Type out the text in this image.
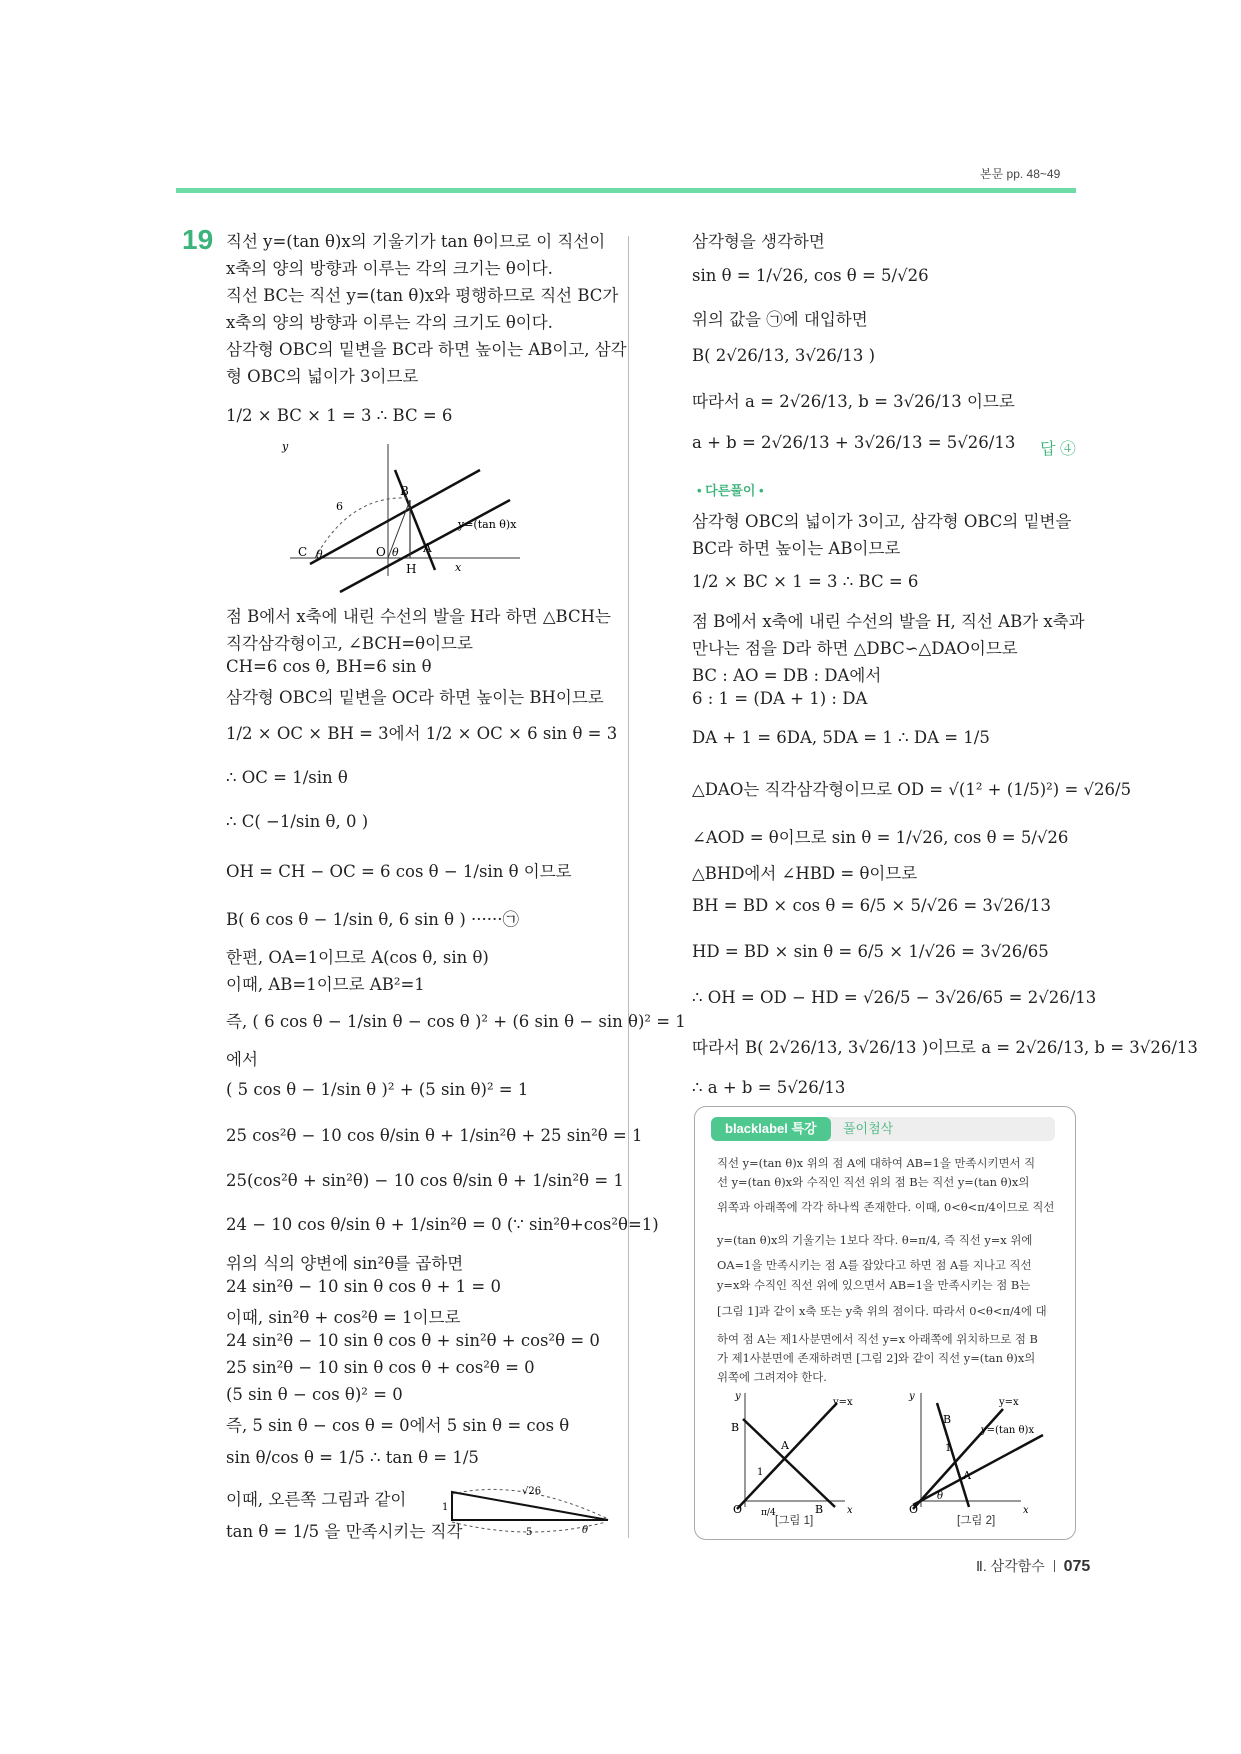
본문 pp. 48~49
19 직선 y=(tan θ)x의 기울기가 tan θ이므로 이 직선이
x축의 양의 방향과 이루는 각의 크기는 θ이다.
직선 BC는 직선 y=(tan θ)x와 평행하므로 직선 BC가
x축의 양의 방향과 이루는 각의 크기도 θ이다.
삼각형 OBC의 밑변을 BC라 하면 높이는 AB이고, 삼각
형 OBC의 넓이가 3이므로
1/2 × BC × 1 = 3 ∴ BC = 6
점 B에서 x축에 내린 수선의 발을 H라 하면 △BCH는
직각삼각형이고, ∠BCH=θ이므로
CH=6 cos θ, BH=6 sin θ
삼각형 OBC의 밑변을 OC라 하면 높이는 BH이므로
1/2 × OC × BH = 3에서 1/2 × OC × 6 sin θ = 3
∴ OC = 1/sin θ
∴ C( −1/sin θ, 0 )
OH = CH − OC = 6 cos θ − 1/sin θ 이므로
B( 6 cos θ − 1/sin θ, 6 sin θ ) ······㉠
한편, OA=1이므로 A(cos θ, sin θ)
이때, AB=1이므로 AB²=1
즉, ( 6 cos θ − 1/sin θ − cos θ )² + (6 sin θ − sin θ)² = 1
에서
( 5 cos θ − 1/sin θ )² + (5 sin θ)² = 1
25 cos²θ − 10 cos θ/sin θ + 1/sin²θ + 25 sin²θ = 1
25(cos²θ + sin²θ) − 10 cos θ/sin θ + 1/sin²θ = 1
24 − 10 cos θ/sin θ + 1/sin²θ = 0 (∵ sin²θ+cos²θ=1)
위의 식의 양변에 sin²θ를 곱하면
24 sin²θ − 10 sin θ cos θ + 1 = 0
이때, sin²θ + cos²θ = 1이므로
24 sin²θ − 10 sin θ cos θ + sin²θ + cos²θ = 0
25 sin²θ − 10 sin θ cos θ + cos²θ = 0
(5 sin θ − cos θ)² = 0
즉, 5 sin θ − cos θ = 0에서 5 sin θ = cos θ
sin θ/cos θ = 1/5 ∴ tan θ = 1/5
이때, 오른쪽 그림과 같이
tan θ = 1/5 을 만족시키는 직각
y
B
C θ	O θ A
H	x
6
y=(tan θ)x
√26
1
5	θ
삼각형을 생각하면
sin θ = 1/√26, cos θ = 5/√26
위의 값을 ㉠에 대입하면
B( 2√26/13, 3√26/13 )
따라서 a = 2√26/13, b = 3√26/13 이므로
a + b = 2√26/13 + 3√26/13 = 5√26/13
삼각형 OBC의 넓이가 3이고, 삼각형 OBC의 밑변을
BC라 하면 높이는 AB이므로
1/2 × BC × 1 = 3 ∴ BC = 6
점 B에서 x축에 내린 수선의 발을 H, 직선 AB가 x축과
만나는 점을 D라 하면 △DBC∽△DAO이므로
BC : AO = DB : DA에서
6 : 1 = (DA + 1) : DA
DA + 1 = 6DA, 5DA = 1 ∴ DA = 1/5
△DAO는 직각삼각형이므로 OD = √(1² + (1/5)²) = √26/5
∠AOD = θ이므로 sin θ = 1/√26, cos θ = 5/√26
△BHD에서 ∠HBD = θ이므로
BH = BD × cos θ = 6/5 × 5/√26 = 3√26/13
HD = BD × sin θ = 6/5 × 1/√26 = 3√26/65
∴ OH = OD − HD = √26/5 − 3√26/65 = 2√26/13
따라서 B( 2√26/13, 3√26/13 )이므로 a = 2√26/13, b = 3√26/13
∴ a + b = 5√26/13
답 ④
• 다른풀이 •
blacklabel 특강	풀이첨삭
직선 y=(tan θ)x 위의 점 A에 대하여 AB=1을 만족시키면서 직
선 y=(tan θ)x와 수직인 직선 위의 점 B는 직선 y=(tan θ)x의
위쪽과 아래쪽에 각각 하나씩 존재한다. 이때, 0<θ<π/4이므로 직선
y=(tan θ)x의 기울기는 1보다 작다. θ=π/4, 즉 직선 y=x 위에
OA=1을 만족시키는 점 A를 잡았다고 하면 점 A를 지나고 직선
y=x와 수직인 직선 위에 있으면서 AB=1을 만족시키는 점 B는
[그림 1]과 같이 x축 또는 y축 위의 점이다. 따라서 0<θ<π/4에 대
하여 점 A는 제1사분면에서 직선 y=x 아래쪽에 위치하므로 점 B
가 제1사분면에 존재하려면 [그림 2]와 같이 직선 y=(tan θ)x의
위쪽에 그려져야 한다.
y
y=x
B
A
1
O π/4	B x
[그림 1]
y
y=x
B
y=(tan θ)x
A
1
O
θ
x
[그림 2]
Ⅱ. 삼각함수 075
